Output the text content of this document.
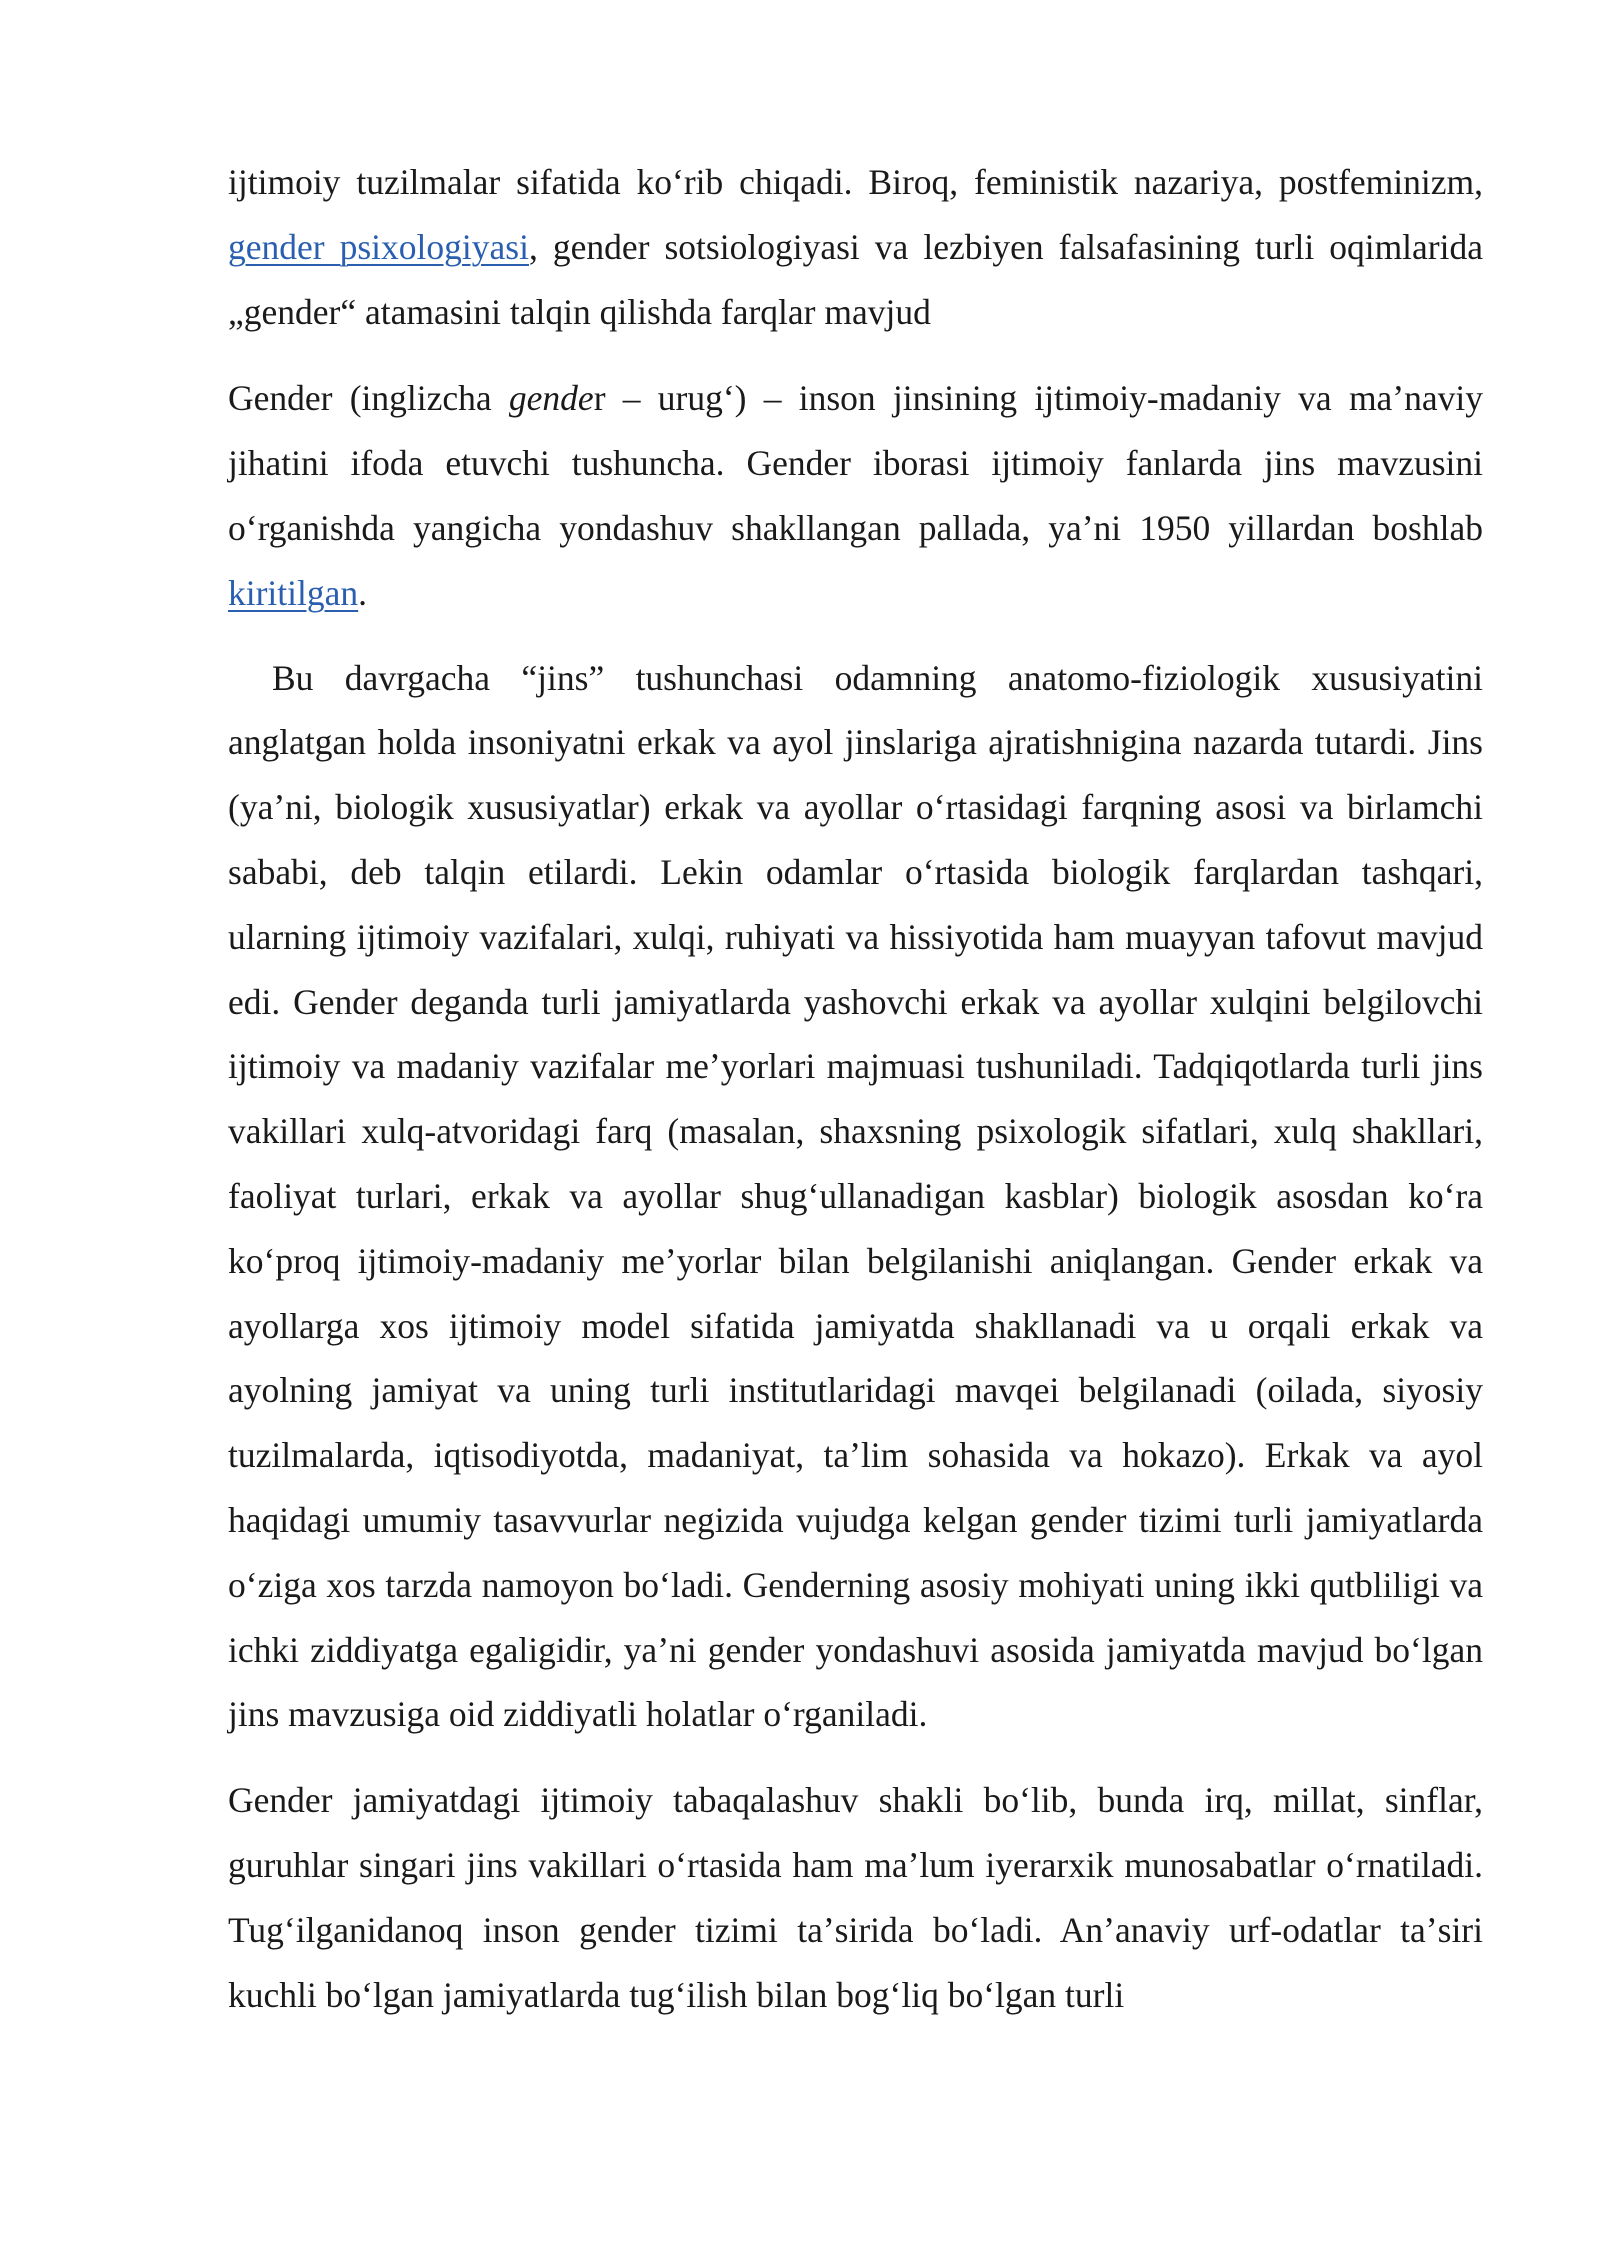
ijtimoiy tuzilmalar sifatida koʻrib chiqadi. Biroq, feministik nazariya, postfeminizm, gender psixologiyasi, gender sotsiologiyasi va lezbiyen falsafasining turli oqimlarida „gender“ atamasini talqin qilishda farqlar mavjud

Gender (inglizcha gender – urugʻ) – inson jinsining ijtimoiy-madaniy va maʼnaviy jihatini ifoda etuvchi tushuncha. Gender iborasi ijtimoiy fanlarda jins mavzusini oʻrganishda yangicha yondashuv shakllangan pallada, yaʼni 1950 yillardan boshlab kiritilgan.

Bu davrgacha “jins” tushunchasi odamning anatomo-fiziologik xususiyatini anglatgan holda insoniyatni erkak va ayol jinslariga ajratishnigina nazarda tutardi. Jins (yaʼni, biologik xususiyatlar) erkak va ayollar oʻrtasidagi farqning asosi va birlamchi sababi, deb talqin etilardi. Lekin odamlar oʻrtasida biologik farqlardan tashqari, ularning ijtimoiy vazifalari, xulqi, ruhiyati va hissiyotida ham muayyan tafovut mavjud edi. Gender deganda turli jamiyatlarda yashovchi erkak va ayollar xulqini belgilovchi ijtimoiy va madaniy vazifalar meʼyorlari majmuasi tushuniladi. Tadqiqotlarda turli jins vakillari xulq-atvoridagi farq (masalan, shaxsning psixologik sifatlari, xulq shakllari, faoliyat turlari, erkak va ayollar shugʻullanadigan kasblar) biologik asosdan koʻra koʻproq ijtimoiy-madaniy meʼyorlar bilan belgilanishi aniqlangan. Gender erkak va ayollarga xos ijtimoiy model sifatida jamiyatda shakllanadi va u orqali erkak va ayolning jamiyat va uning turli institutlaridagi mavqei belgilanadi (oilada, siyosiy tuzilmalarda, iqtisodiyotda, madaniyat, taʼlim sohasida va hokazo). Erkak va ayol haqidagi umumiy tasavvurlar negizida vujudga kelgan gender tizimi turli jamiyatlarda oʻziga xos tarzda namoyon boʻladi. Genderning asosiy mohiyati uning ikki qutbliligi va ichki ziddiyatga egaligidir, yaʼni gender yondashuvi asosida jamiyatda mavjud boʻlgan jins mavzusiga oid ziddiyatli holatlar oʻrganiladi.

Gender jamiyatdagi ijtimoiy tabaqalashuv shakli boʻlib, bunda irq, millat, sinflar, guruhlar singari jins vakillari oʻrtasida ham maʼlum iyerarxik munosabatlar oʻrnatiladi. Tugʻilganidanoq inson gender tizimi taʼsirida boʻladi. Anʼanaviy urf-odatlar taʼsiri kuchli boʻlgan jamiyatlarda tugʻilish bilan bogʻliq boʻlgan turli
